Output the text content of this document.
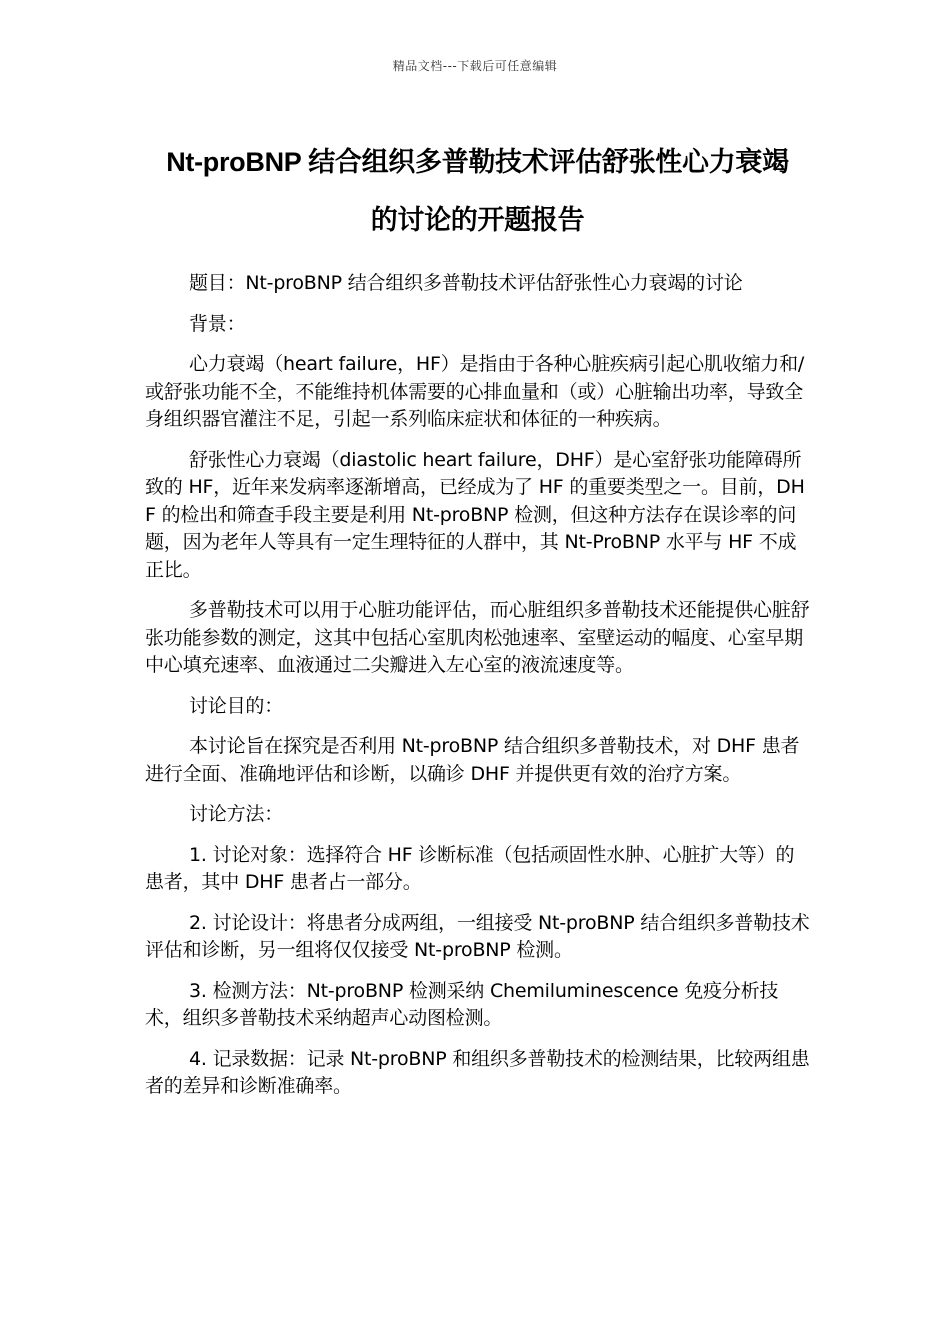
精品文档---下载后可任意编辑
Nt-proBNP 结合组织多普勒技术评估舒张性心力衰竭
的讨论的开题报告

题目：Nt-proBNP 结合组织多普勒技术评估舒张性心力衰竭的讨论

背景：

心力衰竭（heart failure，HF）是指由于各种心脏疾病引起心肌收缩力和/或舒张功能不全，不能维持机体需要的心排血量和（或）心脏输出功率，导致全身组织器官灌注不足，引起一系列临床症状和体征的一种疾病。

舒张性心力衰竭（diastolic heart failure，DHF）是心室舒张功能障碍所致的 HF，近年来发病率逐渐增高，已经成为了 HF 的重要类型之一。目前，DHF 的检出和筛查手段主要是利用 Nt-proBNP 检测，但这种方法存在误诊率的问题，因为老年人等具有一定生理特征的人群中，其 Nt-ProBNP 水平与 HF 不成正比。

多普勒技术可以用于心脏功能评估，而心脏组织多普勒技术还能提供心脏舒张功能参数的测定，这其中包括心室肌肉松弛速率、室壁运动的幅度、心室早期中心填充速率、血液通过二尖瓣进入左心室的液流速度等。

讨论目的：

本讨论旨在探究是否利用 Nt-proBNP 结合组织多普勒技术，对 DHF 患者进行全面、准确地评估和诊断，以确诊 DHF 并提供更有效的治疗方案。

讨论方法：

1. 讨论对象：选择符合 HF 诊断标准（包括顽固性水肿、心脏扩大等）的患者，其中 DHF 患者占一部分。

2. 讨论设计：将患者分成两组，一组接受 Nt-proBNP 结合组织多普勒技术评估和诊断，另一组将仅仅接受 Nt-proBNP 检测。

3. 检测方法：Nt-proBNP 检测采纳 Chemiluminescence 免疫分析技术，组织多普勒技术采纳超声心动图检测。

4. 记录数据：记录 Nt-proBNP 和组织多普勒技术的检测结果，比较两组患者的差异和诊断准确率。
